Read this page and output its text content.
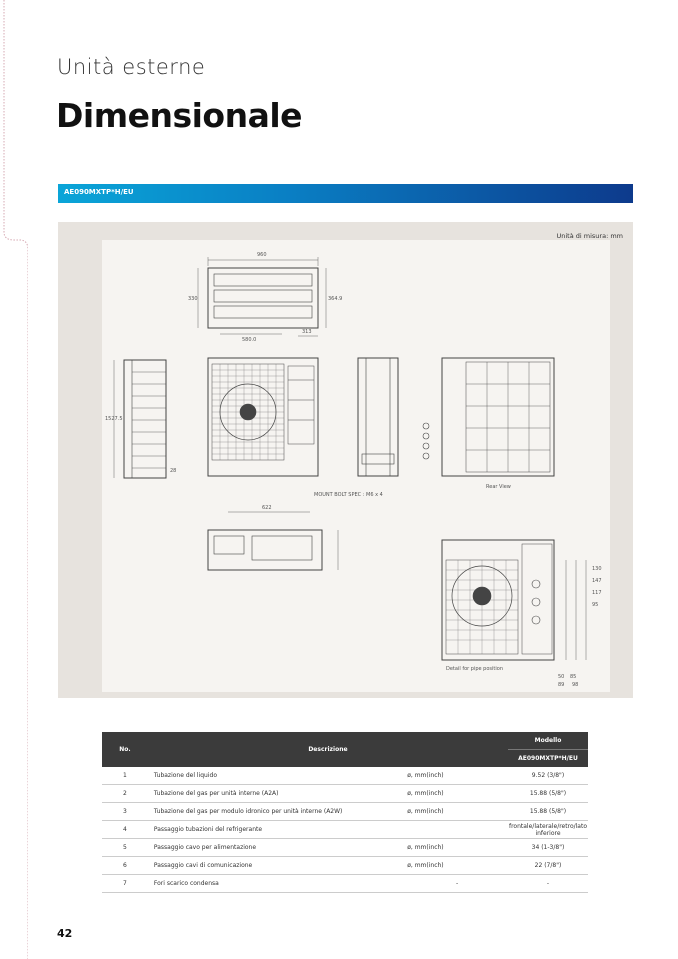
Unità esterne
Dimensionale
AE090MXTP*H/EU
Unità di misura: mm
960
330	364.9
580.0
1527.5
313
28
MOUNT BOLT SPEC : M6 x 4
622
Rear View
Detail for pipe position
130
147
117
95
50 85
89 98
No.	Descrizione		Modello
			AE090MXTP*H/EU
1	Tubazione del liquido	ø, mm(inch)	9.52 (3/8")
2	Tubazione del gas per unità interne (A2A)	ø, mm(inch)	15.88 (5/8")
3	Tubazione del gas per modulo idronico per unità interne (A2W)	ø, mm(inch)	15.88 (5/8")
4	Passaggio tubazioni del refrigerante		frontale/laterale/retro/lato inferiore
5	Passaggio cavo per alimentazione	ø, mm(inch)	34 (1-3/8")
6	Passaggio cavi di comunicazione	ø, mm(inch)	22 (7/8")
7	Fori scarico condensa	-	-
42
